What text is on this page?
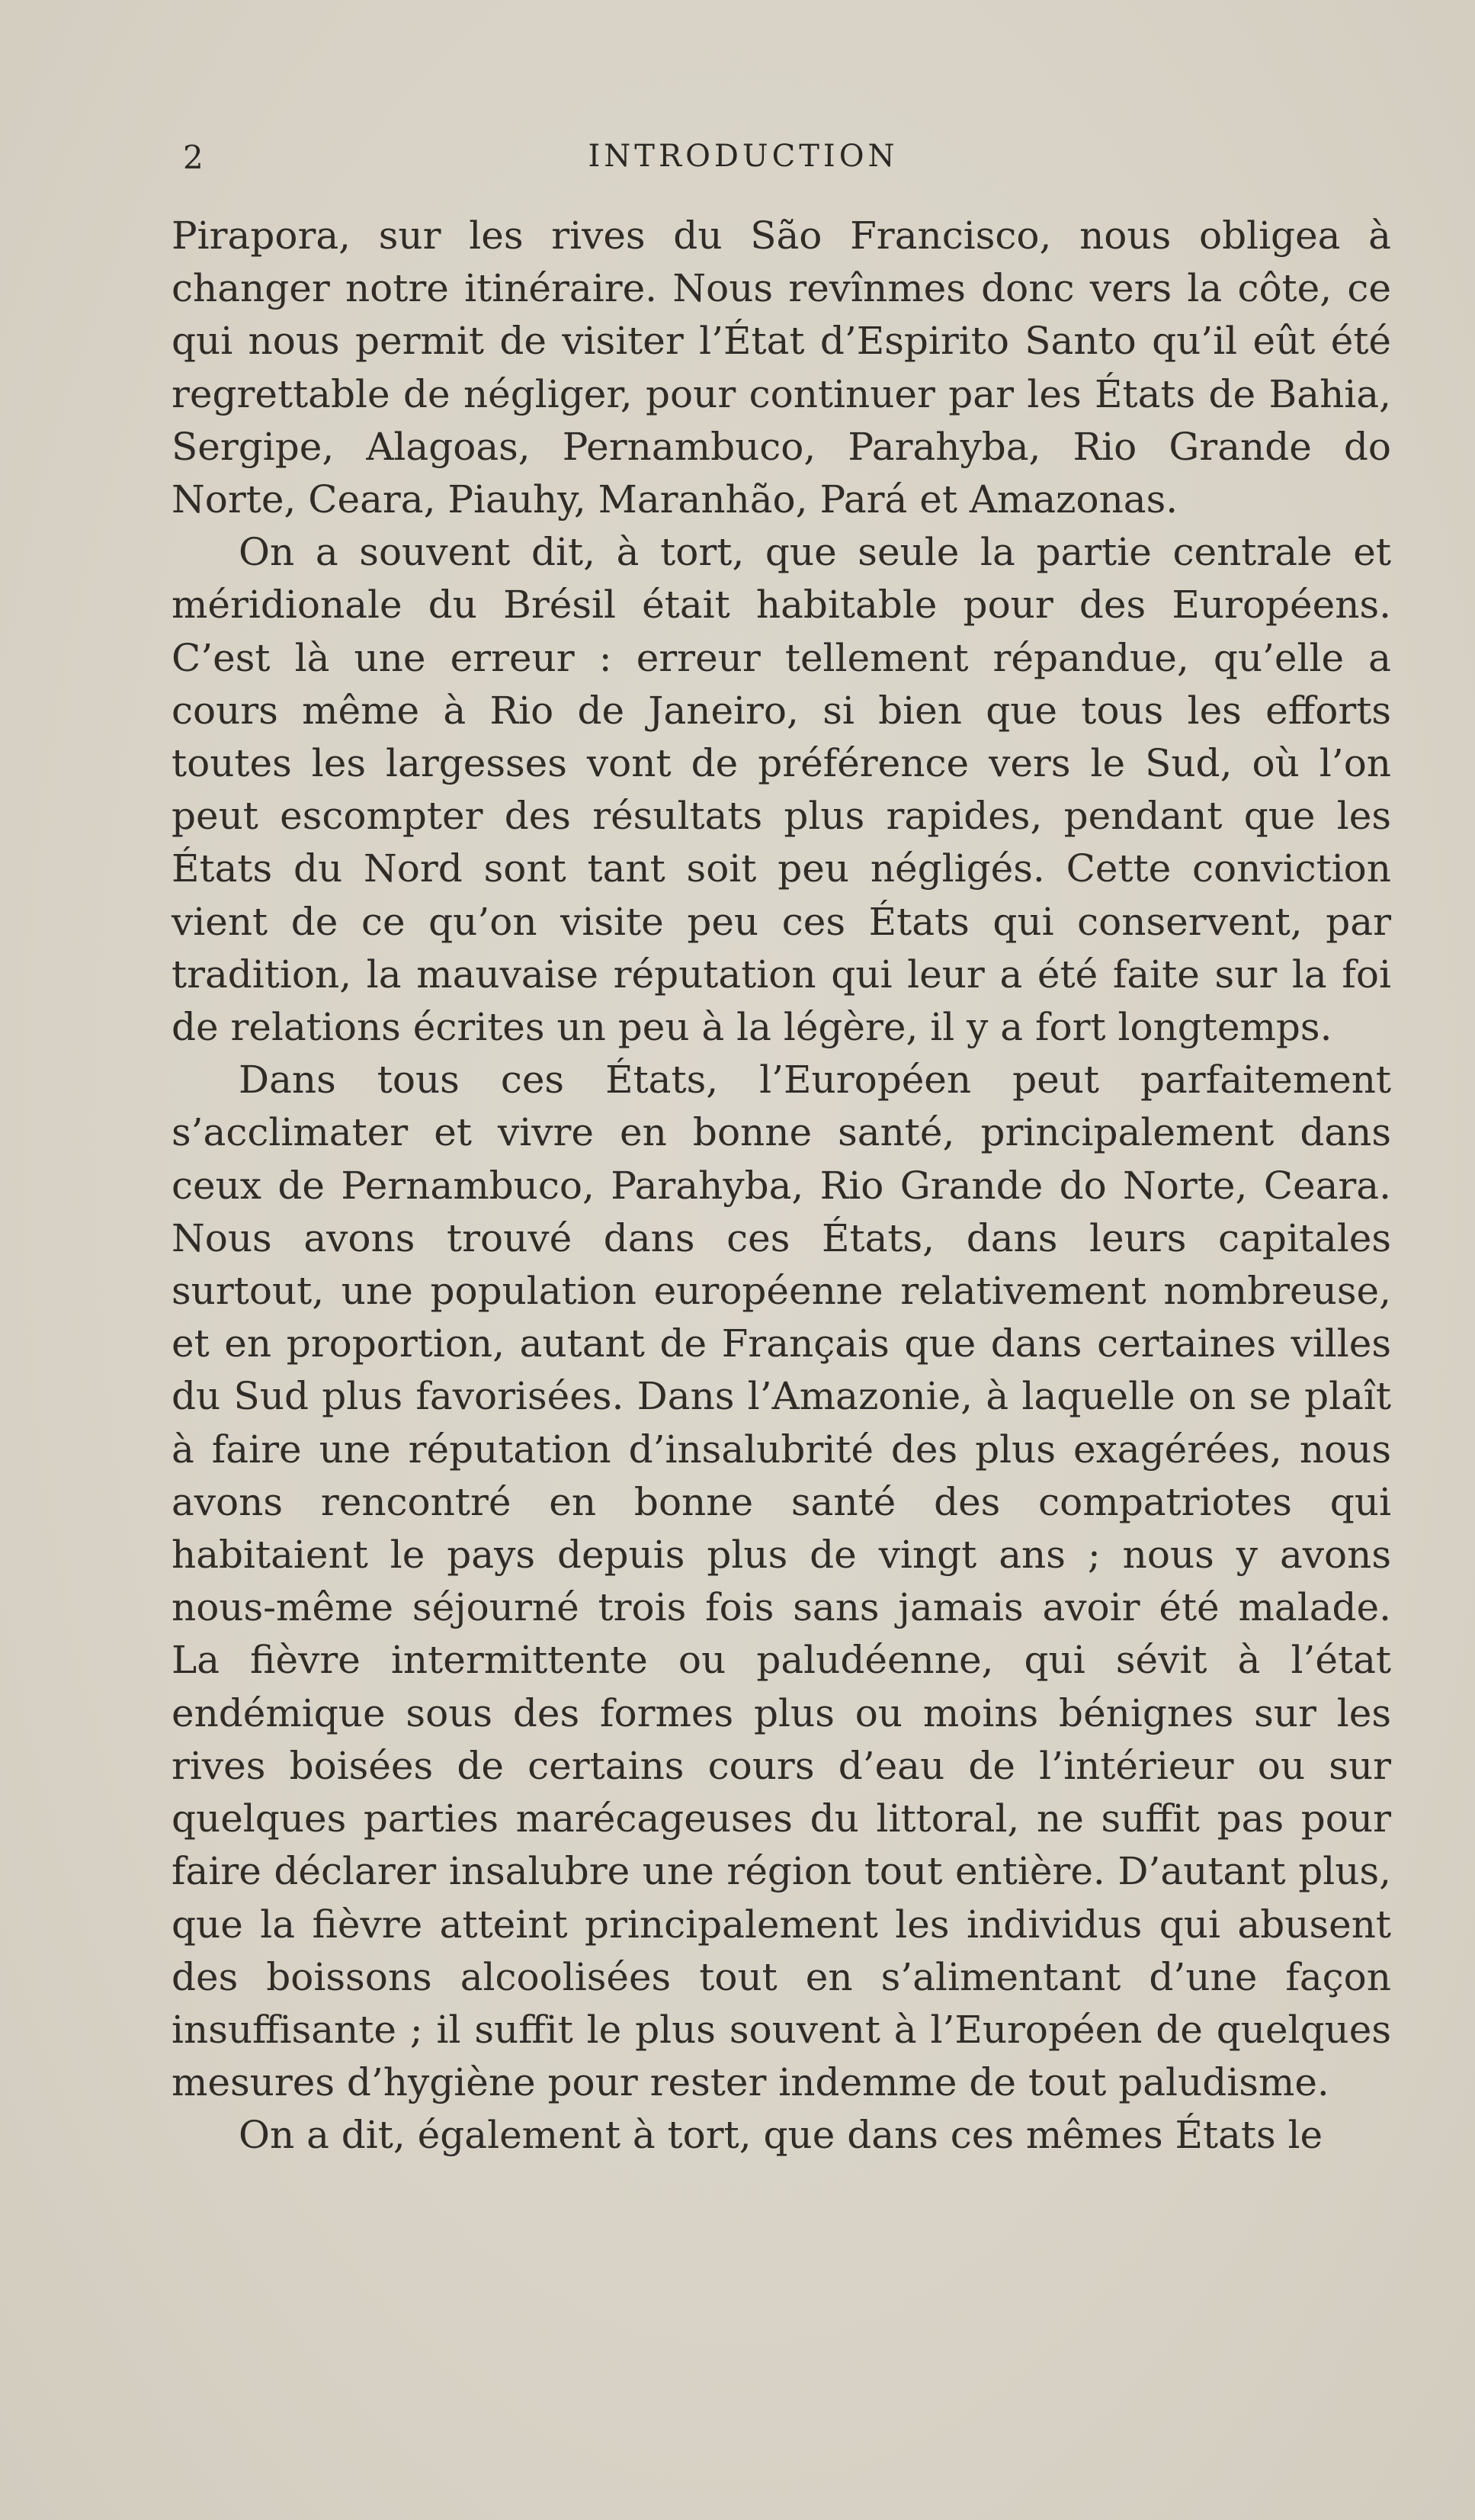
2	INTRODUCTION

Pirapora, sur les rives du São Francisco, nous obligea à changer notre itinéraire. Nous revînmes donc vers la côte, ce qui nous permit de visiter l’État d’Espirito Santo qu’il eût été regrettable de négliger, pour continuer par les États de Bahia, Sergipe, Alagoas, Pernambuco, Parahyba, Rio Grande do Norte, Ceara, Piauhy, Maranhão, Pará et Amazonas.

On a souvent dit, à tort, que seule la partie centrale et méridionale du Brésil était habitable pour des Européens. C’est là une erreur : erreur tellement répandue, qu’elle a cours même à Rio de Janeiro, si bien que tous les efforts toutes les largesses vont de préférence vers le Sud, où l’on peut escompter des résultats plus rapides, pendant que les États du Nord sont tant soit peu négligés. Cette conviction vient de ce qu’on visite peu ces États qui conservent, par tradition, la mauvaise réputation qui leur a été faite sur la foi de relations écrites un peu à la légère, il y a fort longtemps.

Dans tous ces États, l’Européen peut parfaitement s’acclimater et vivre en bonne santé, principalement dans ceux de Pernambuco, Parahyba, Rio Grande do Norte, Ceara. Nous avons trouvé dans ces États, dans leurs capitales surtout, une population européenne relativement nombreuse, et en proportion, autant de Français que dans certaines villes du Sud plus favorisées. Dans l’Amazonie, à laquelle on se plaît à faire une réputation d’insalubrité des plus exagérées, nous avons rencontré en bonne santé des compatriotes qui habitaient le pays depuis plus de vingt ans ; nous y avons nous-même séjourné trois fois sans jamais avoir été malade. La fièvre intermittente ou paludéenne, qui sévit à l’état endémique sous des formes plus ou moins bénignes sur les rives boisées de certains cours d’eau de l’intérieur ou sur quelques parties marécageuses du littoral, ne suffit pas pour faire déclarer insalubre une région tout entière. D’autant plus, que la fièvre atteint principalement les individus qui abusent des boissons alcoolisées tout en s’alimentant d’une façon insuffisante ; il suffit le plus souvent à l’Européen de quelques mesures d’hygiène pour rester indemme de tout paludisme.

On a dit, également à tort, que dans ces mêmes États le
